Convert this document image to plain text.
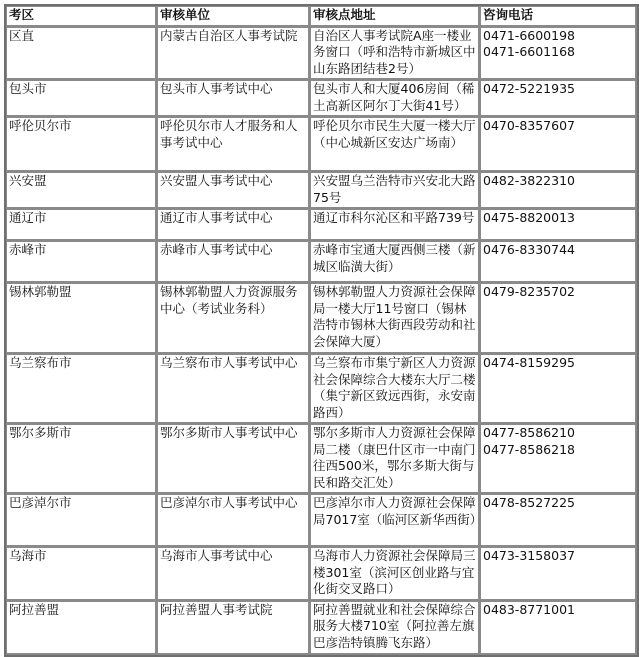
考区	审核单位	审核点地址	咨询电话
区直	内蒙古自治区人事考试院	自治区人事考试院A座一楼业务窗口（呼和浩特市新城区中山东路团结巷2号）	0471-6600198
0471-6601168

包头市	包头市人事考试中心	包头市人和大厦406房间（稀土高新区阿尔丁大街41号）	0472-5221935

呼伦贝尔市	呼伦贝尔市人才服务和人事考试中心	呼伦贝尔市民生大厦一楼大厅（中心城新区安达广场南）	0470-8357607

兴安盟	兴安盟人事考试中心	兴安盟乌兰浩特市兴安北大路75号	0482-3822310

通辽市	通辽市人事考试中心	通辽市科尔沁区和平路739号	0475-8820013

赤峰市	赤峰市人事考试中心	赤峰市宝通大厦西侧三楼（新城区临潢大街）	0476-8330744

锡林郭勒盟	锡林郭勒盟人力资源服务中心（考试业务科）	锡林郭勒盟人力资源社会保障局一楼大厅11号窗口（锡林浩特市锡林大街西段劳动和社会保障大厦）	0479-8235702

乌兰察布市	乌兰察布市人事考试中心	乌兰察布市集宁新区人力资源社会保障综合大楼东大厅二楼（集宁新区致远西街，永安南路西）	0474-8159295

鄂尔多斯市	鄂尔多斯市人事考试中心	鄂尔多斯市人力资源社会保障局二楼（康巴什区市一中南门往西500米，鄂尔多斯大街与民和路交汇处）	0477-8586210
0477-8586218

巴彦淖尔市	巴彦淖尔市人事考试中心	巴彦淖尔市人力资源社会保障局7017室（临河区新华西街）	0478-8527225

乌海市	乌海市人事考试中心	乌海市人力资源社会保障局三楼301室（滨河区创业路与宜化街交叉路口）	0473-3158037

阿拉善盟	阿拉善盟人事考试院	阿拉善盟就业和社会保障综合服务大楼710室（阿拉善左旗巴彦浩特镇腾飞东路）	0483-8771001
